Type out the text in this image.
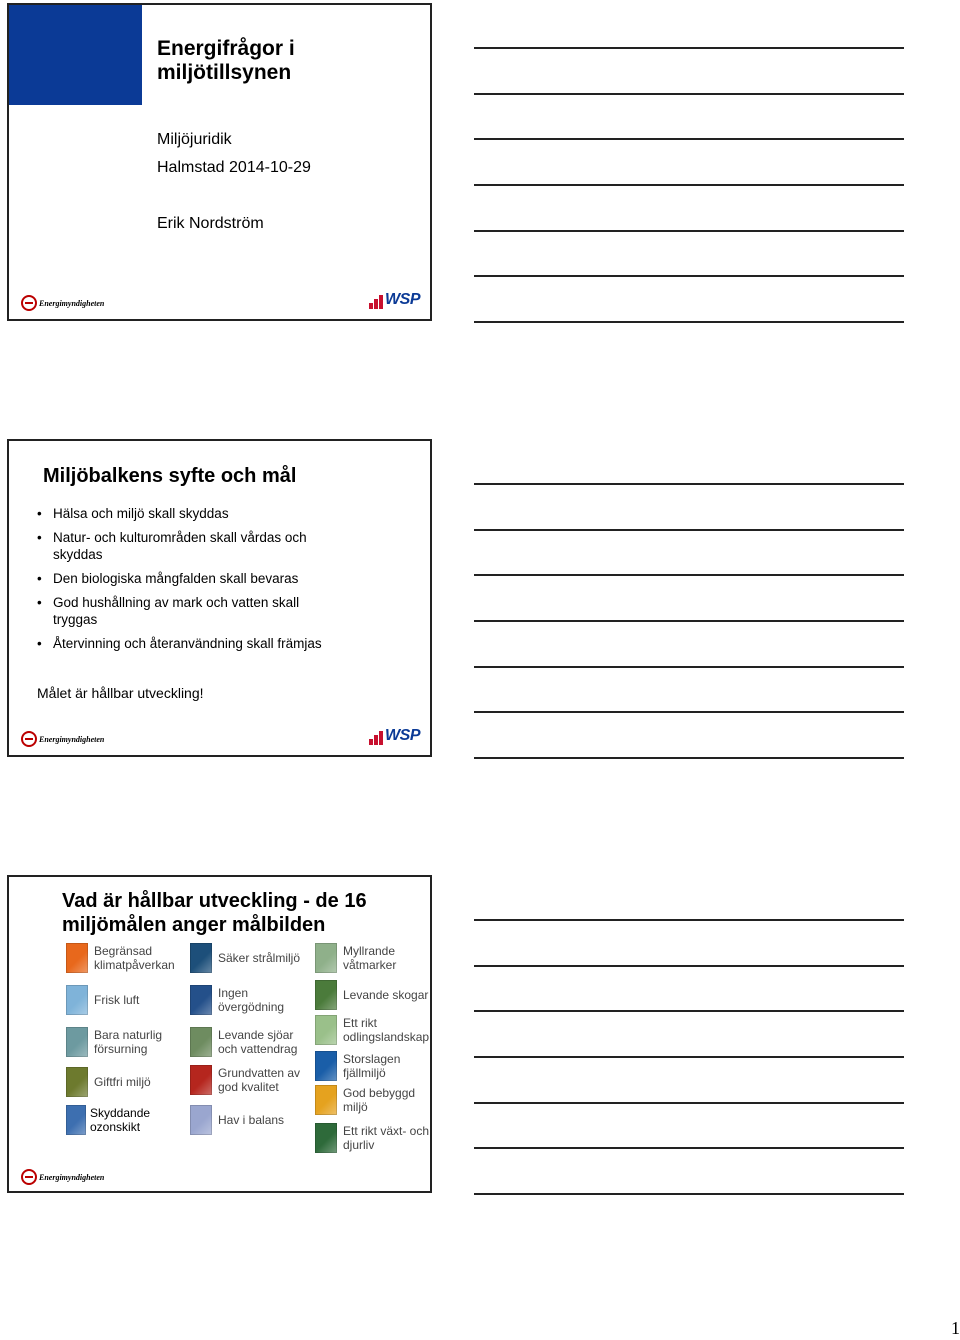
Energifrågor i miljötillsynen
Miljöjuridik
Halmstad 2014-10-29
Erik Nordström
Energimyndigheten	WSP
Miljöbalkens syfte och mål
• Hälsa och miljö skall skyddas
• Natur- och kulturområden skall vårdas och skyddas
• Den biologiska mångfalden skall bevaras
• God hushållning av mark och vatten skall tryggas
• Återvinning och återanvändning skall främjas
Målet är hållbar utveckling!
Energimyndigheten	WSP
Vad är hållbar utveckling - de 16 miljömålen anger målbilden
Begränsad klimatpåverkan
Frisk luft
Bara naturlig försurning
Giftfri miljö
Skyddande ozonskikt
Säker strålmiljö
Ingen övergödning
Levande sjöar och vattendrag
Grundvatten av god kvalitet
Hav i balans
Myllrande våtmarker
Levande skogar
Ett rikt odlingslandskap
Storslagen fjällmiljö
God bebyggd miljö
Ett rikt växt- och djurliv
Energimyndigheten
1
